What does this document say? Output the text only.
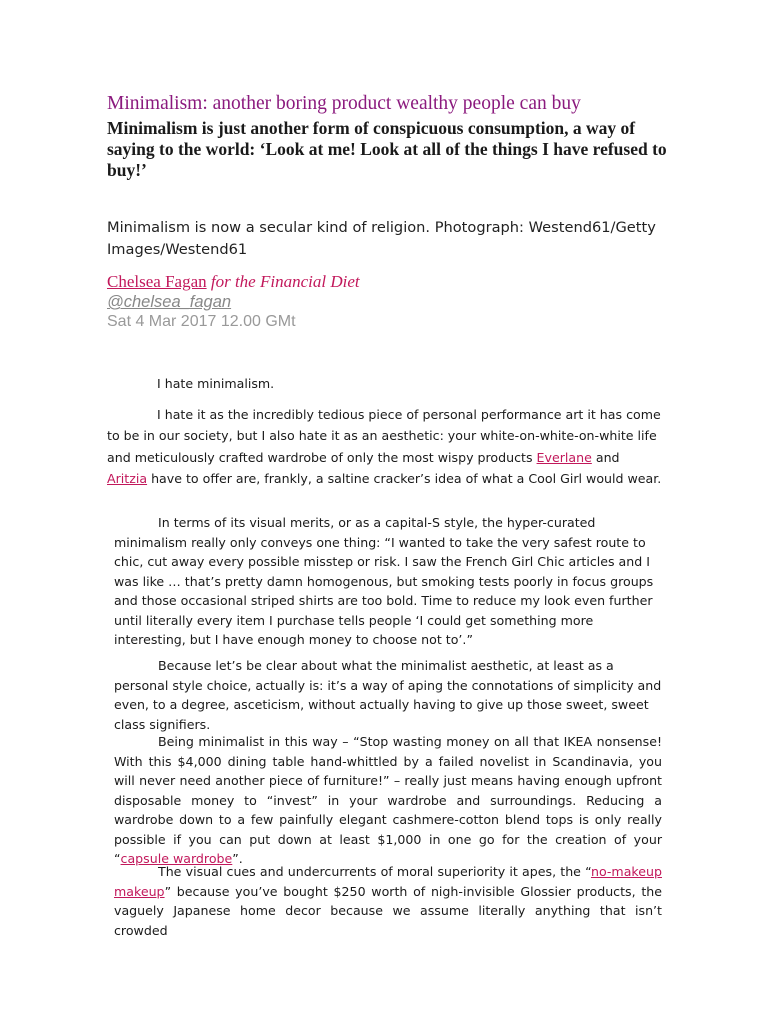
Minimalism: another boring product wealthy people can buy

Minimalism is just another form of conspicuous consumption, a way of saying to the world: ‘Look at me! Look at all of the things I have refused to buy!’

Minimalism is now a secular kind of religion. Photograph: Westend61/Getty Images/Westend61

Chelsea Fagan for the Financial Diet
@chelsea_fagan
Sat 4 Mar 2017 12.00 GMt

I hate minimalism.

I hate it as the incredibly tedious piece of personal performance art it has come to be in our society, but I also hate it as an aesthetic: your white-on-white-on-white life and meticulously crafted wardrobe of only the most wispy products Everlane and Aritzia have to offer are, frankly, a saltine cracker’s idea of what a Cool Girl would wear.

In terms of its visual merits, or as a capital-S style, the hyper-curated minimalism really only conveys one thing: “I wanted to take the very safest route to chic, cut away every possible misstep or risk. I saw the French Girl Chic articles and I was like … that’s pretty damn homogenous, but smoking tests poorly in focus groups and those occasional striped shirts are too bold. Time to reduce my look even further until literally every item I purchase tells people ‘I could get something more interesting, but I have enough money to choose not to’.”

Because let’s be clear about what the minimalist aesthetic, at least as a personal style choice, actually is: it’s a way of aping the connotations of simplicity and even, to a degree, asceticism, without actually having to give up those sweet, sweet class signifiers.

Being minimalist in this way – “Stop wasting money on all that IKEA nonsense! With this $4,000 dining table hand-whittled by a failed novelist in Scandinavia, you will never need another piece of furniture!” – really just means having enough upfront disposable money to “invest” in your wardrobe and surroundings. Reducing a wardrobe down to a few painfully elegant cashmere-cotton blend tops is only really possible if you can put down at least $1,000 in one go for the creation of your “capsule wardrobe”.

The visual cues and undercurrents of moral superiority it apes, the “no-makeup makeup” because you’ve bought $250 worth of nigh-invisible Glossier products, the vaguely Japanese home decor because we assume literally anything that isn’t crowded
